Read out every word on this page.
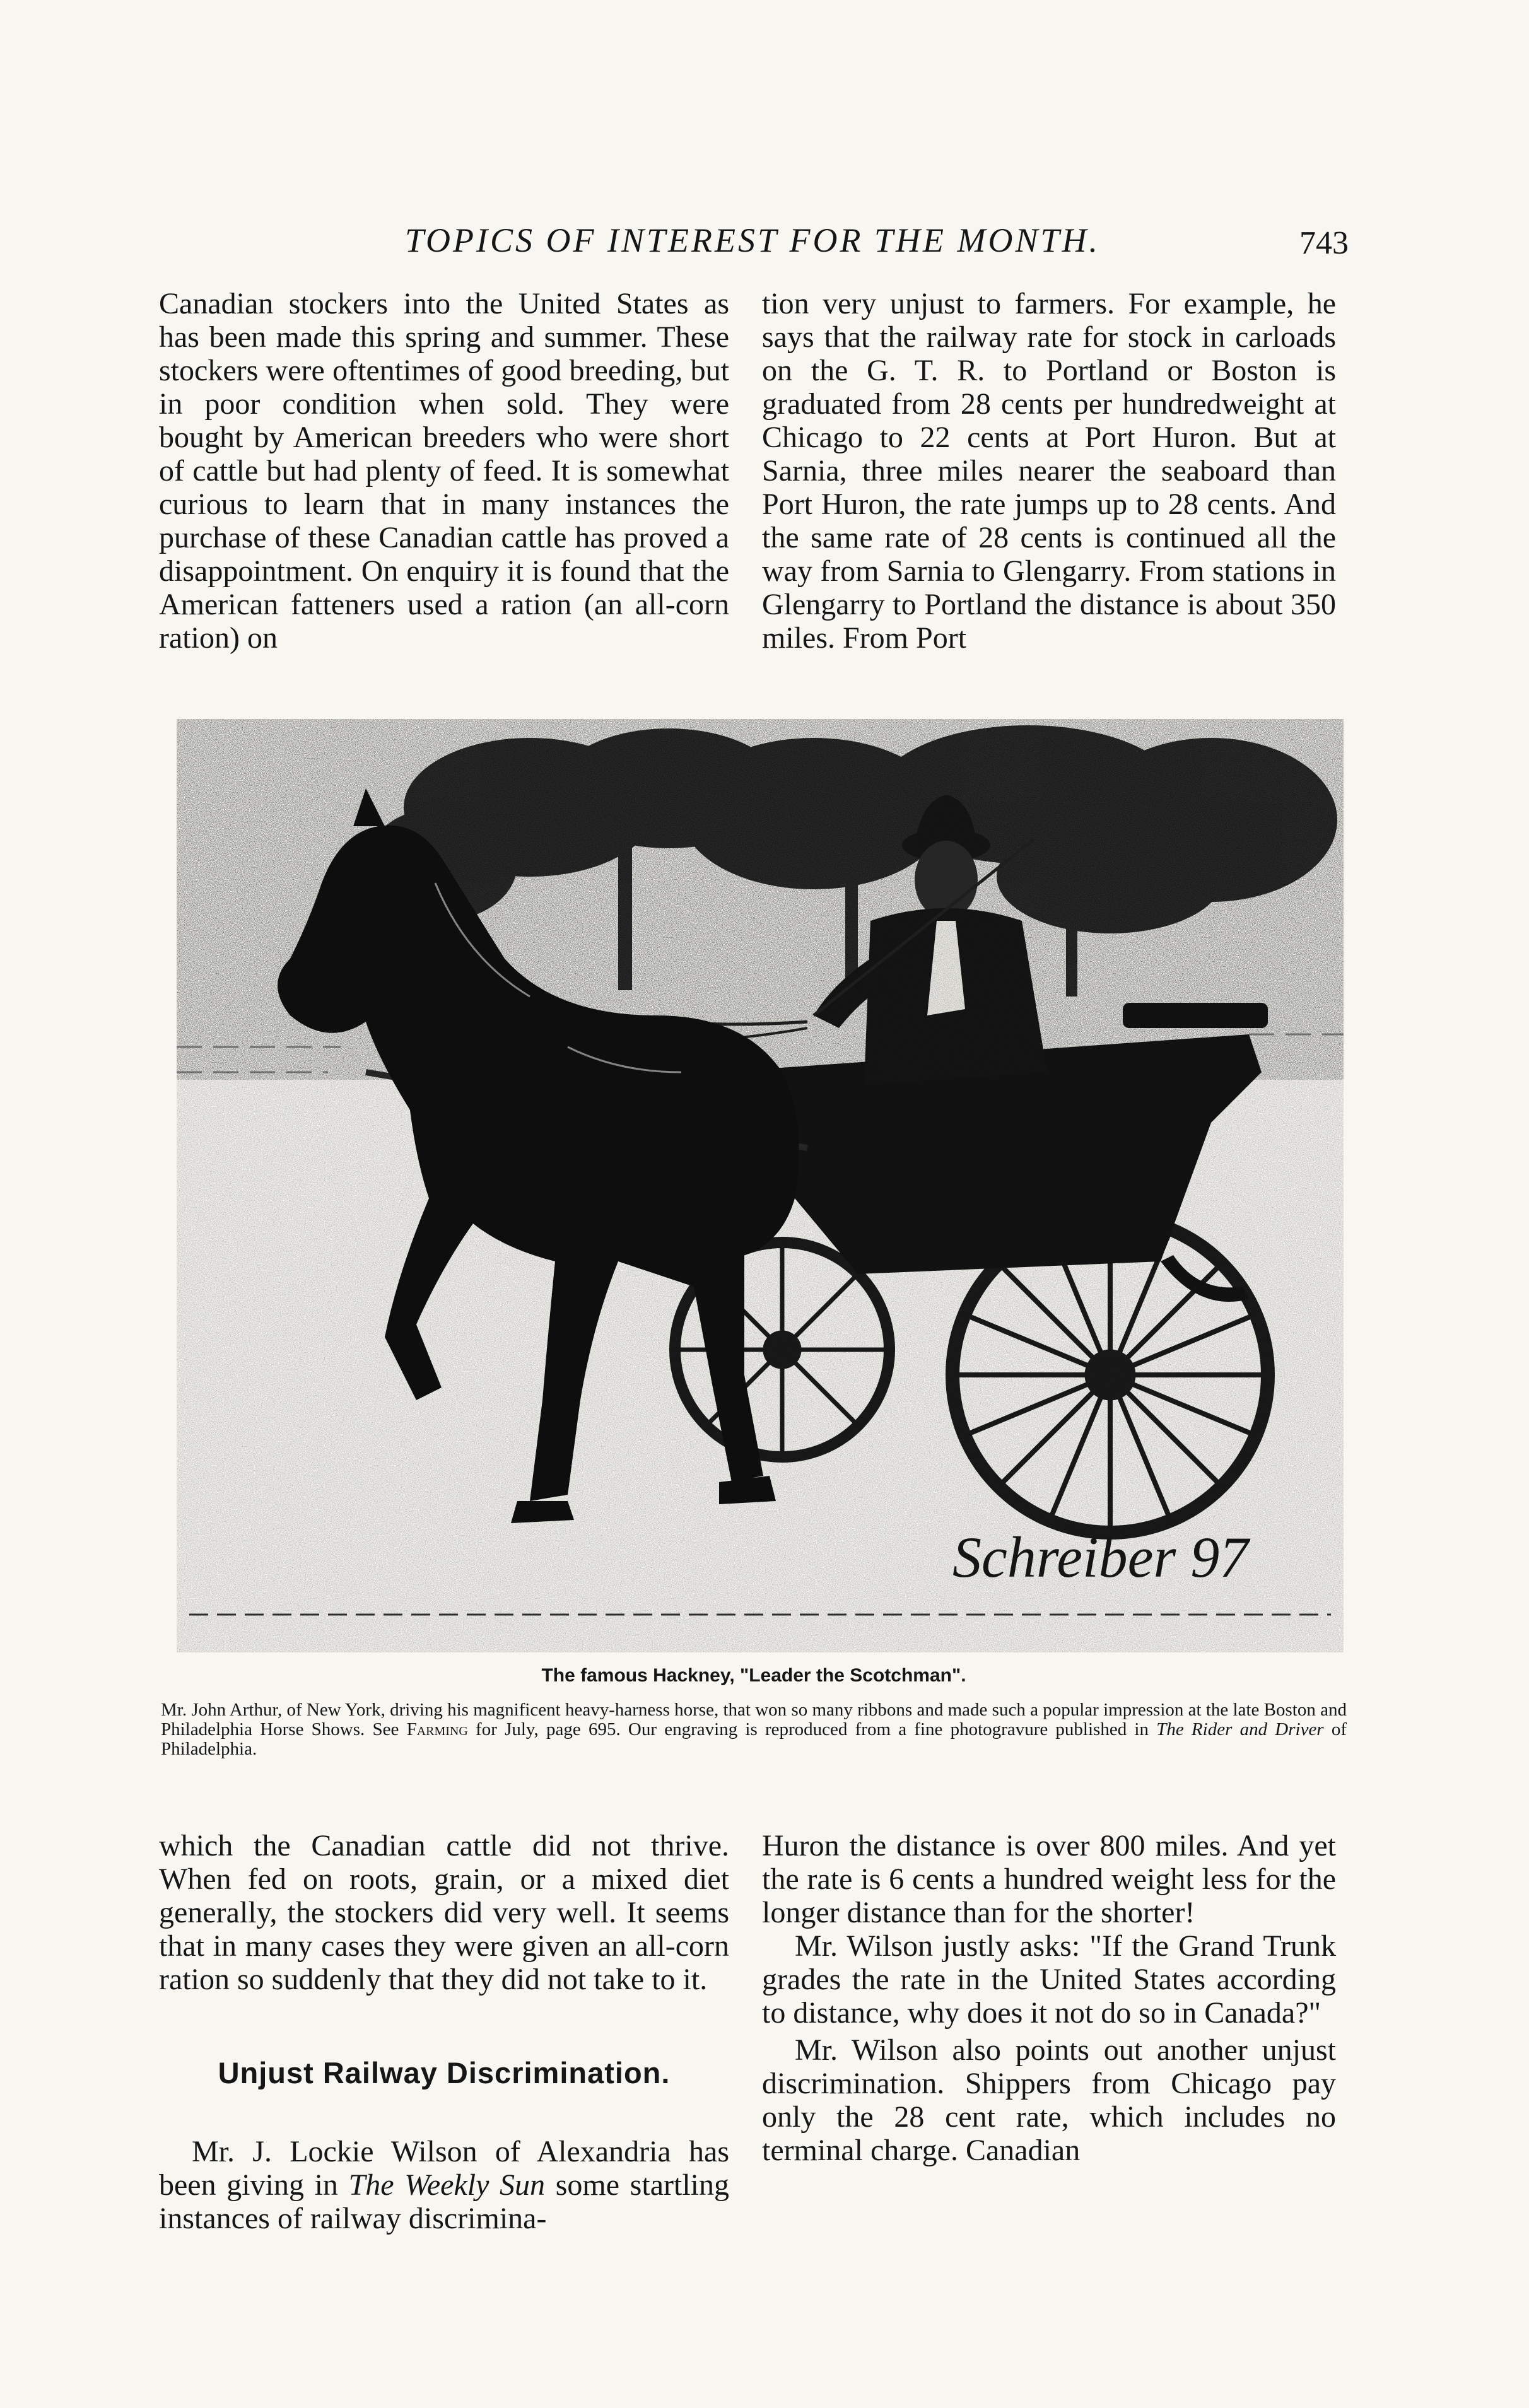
TOPICS OF INTEREST FOR THE MONTH.	743

Canadian stockers into the United States as has been made this spring and summer. These stockers were oftentimes of good breeding, but in poor condition when sold. They were bought by American breeders who were short of cattle but had plenty of feed. It is somewhat curious to learn that in many instances the purchase of these Canadian cattle has proved a disappointment. On enquiry it is found that the American fatteners used a ration (an all-corn ration) on

tion very unjust to farmers. For example, he says that the railway rate for stock in carloads on the G. T. R. to Portland or Boston is graduated from 28 cents per hundredweight at Chicago to 22 cents at Port Huron. But at Sarnia, three miles nearer the seaboard than Port Huron, the rate jumps up to 28 cents. And the same rate of 28 cents is continued all the way from Sarnia to Glengarry. From stations in Glengarry to Portland the distance is about 350 miles. From Port

Schreiber 97
The famous Hackney, "Leader the Scotchman".
Mr. John Arthur, of New York, driving his magnificent heavy-harness horse, that won so many ribbons and made such a popular impression at the late Boston and Philadelphia Horse Shows. See Farming for July, page 695. Our engraving is reproduced from a fine photogravure published in The Rider and Driver of Philadelphia.

which the Canadian cattle did not thrive. When fed on roots, grain, or a mixed diet generally, the stockers did very well. It seems that in many cases they were given an all-corn ration so suddenly that they did not take to it.

Unjust Railway Discrimination.

Mr. J. Lockie Wilson of Alexandria has been giving in The Weekly Sun some startling instances of railway discrimina-

Huron the distance is over 800 miles. And yet the rate is 6 cents a hundred weight less for the longer distance than for the shorter!

Mr. Wilson justly asks: "If the Grand Trunk grades the rate in the United States according to distance, why does it not do so in Canada?"

Mr. Wilson also points out another unjust discrimination. Shippers from Chicago pay only the 28 cent rate, which includes no terminal charge. Canadian
